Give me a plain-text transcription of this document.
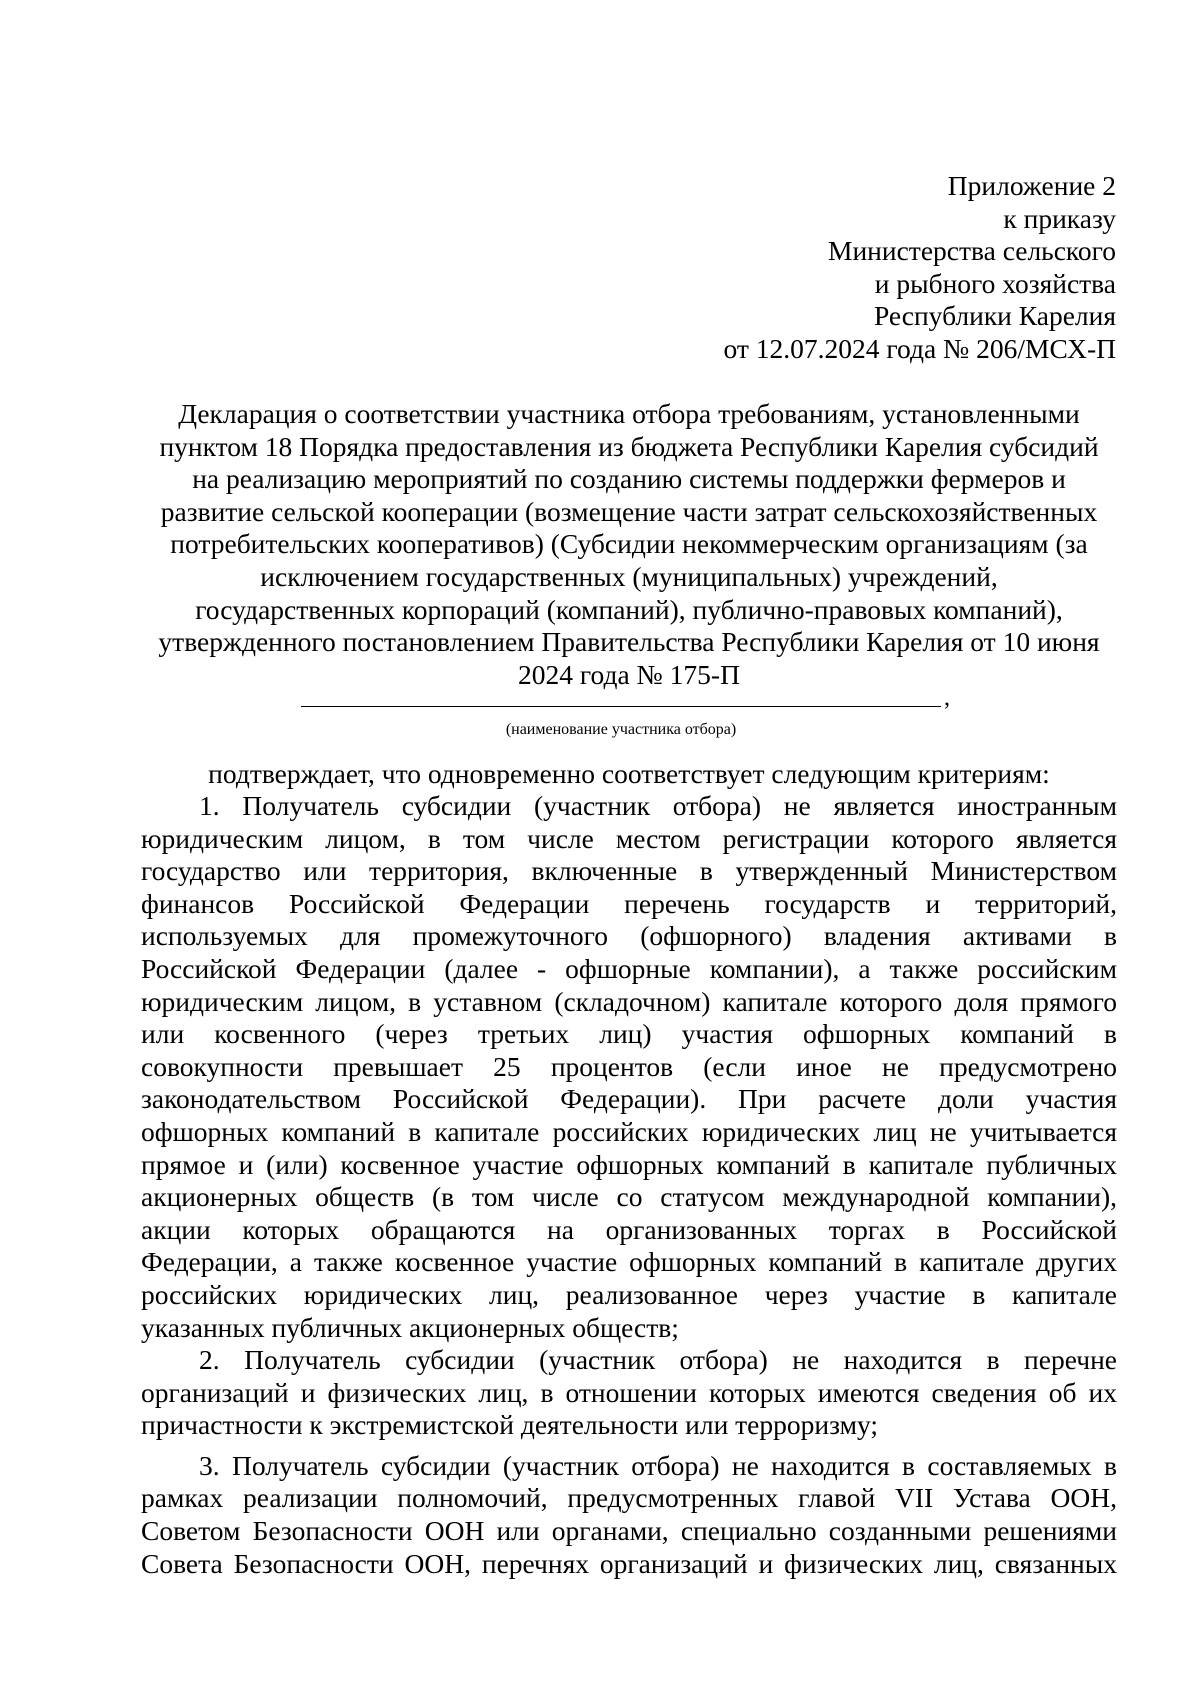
Приложение 2
к приказу
Министерства сельского
и рыбного хозяйства
Республики Карелия
от 12.07.2024 года № 206/МСХ-П
Декларация о соответствии участника отбора требованиям, установленными
пунктом 18 Порядка предоставления из бюджета Республики Карелия субсидий
на реализацию мероприятий по созданию системы поддержки фермеров и
развитие сельской кооперации (возмещение части затрат сельскохозяйственных
потребительских кооперативов) (Субсидии некоммерческим организациям (за
исключением государственных (муниципальных) учреждений,
государственных корпораций (компаний), публично-правовых компаний),
утвержденного постановлением Правительства Республики Карелия от 10 июня
2024 года № 175-П
,
(наименование участника отбора)
подтверждает, что одновременно соответствует следующим критериям:
1. Получатель субсидии (участник отбора) не является иностранным
юридическим лицом, в том числе местом регистрации которого является
государство или территория, включенные в утвержденный Министерством
финансов Российской Федерации перечень государств и территорий,
используемых для промежуточного (офшорного) владения активами в
Российской Федерации (далее - офшорные компании), а также российским
юридическим лицом, в уставном (складочном) капитале которого доля прямого
или косвенного (через третьих лиц) участия офшорных компаний в
совокупности превышает 25 процентов (если иное не предусмотрено
законодательством Российской Федерации). При расчете доли участия
офшорных компаний в капитале российских юридических лиц не учитывается
прямое и (или) косвенное участие офшорных компаний в капитале публичных
акционерных обществ (в том числе со статусом международной компании),
акции которых обращаются на организованных торгах в Российской
Федерации, а также косвенное участие офшорных компаний в капитале других
российских юридических лиц, реализованное через участие в капитале
указанных публичных акционерных обществ;
2. Получатель субсидии (участник отбора) не находится в перечне
организаций и физических лиц, в отношении которых имеются сведения об их
причастности к экстремистской деятельности или терроризму;
3. Получатель субсидии (участник отбора) не находится в составляемых в
рамках реализации полномочий, предусмотренных главой VII Устава ООН,
Советом Безопасности ООН или органами, специально созданными решениями
Совета Безопасности ООН, перечнях организаций и физических лиц, связанных
